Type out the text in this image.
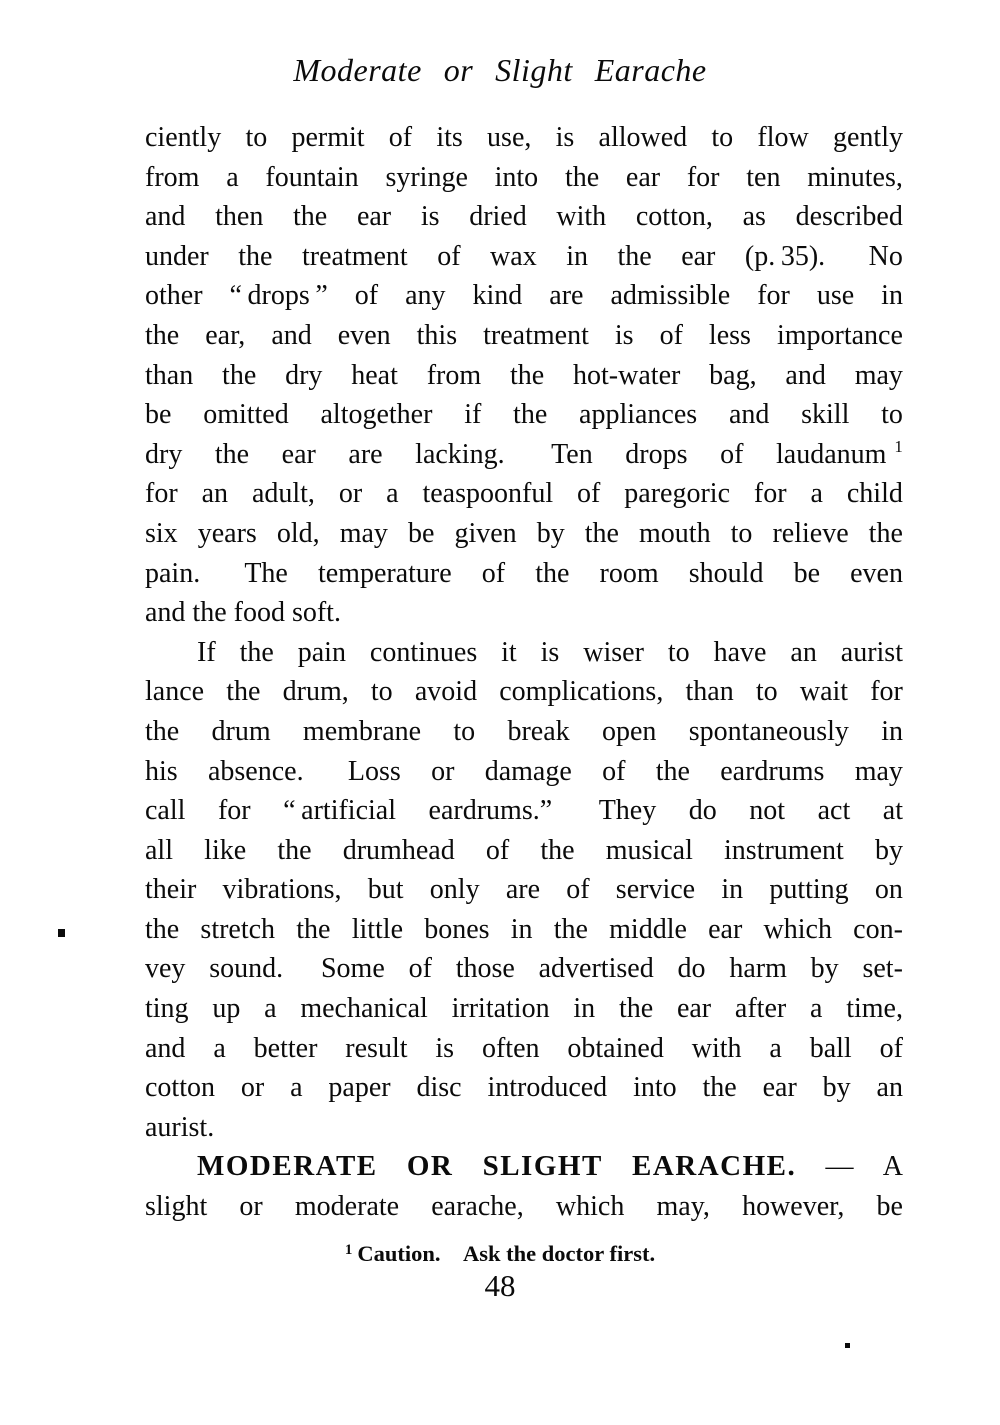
Moderate or Slight Earache
ciently to permit of its use, is allowed to flow gently
from a fountain syringe into the ear for ten minutes,
and then the ear is dried with cotton, as described
under the treatment of wax in the ear (p. 35).  No
other “ drops ” of any kind are admissible for use in
the ear, and even this treatment is of less importance
than the dry heat from the hot-water bag, and may
be omitted altogether if the appliances and skill to
dry the ear are lacking.  Ten drops of laudanum $^1$
for an adult, or a teaspoonful of paregoric for a child
six years old, may be given by the mouth to relieve the
pain.  The temperature of the room should be even
and the food soft.
If the pain continues it is wiser to have an aurist
lance the drum, to avoid complications, than to wait for
the drum membrane to break open spontaneously in
his absence.  Loss or damage of the eardrums may
call for “ artificial eardrums.”  They do not act at
all like the drumhead of the musical instrument by
their vibrations, but only are of service in putting on
the stretch the little bones in the middle ear which con-
vey sound.  Some of those advertised do harm by set-
ting up a mechanical irritation in the ear after a time,
and a better result is often obtained with a ball of
cotton or a paper disc introduced into the ear by an
aurist.
MODERATE OR SLIGHT EARACHE. — A
slight or moderate earache, which may, however, be
$^1$ Caution. Ask the doctor first.
48
